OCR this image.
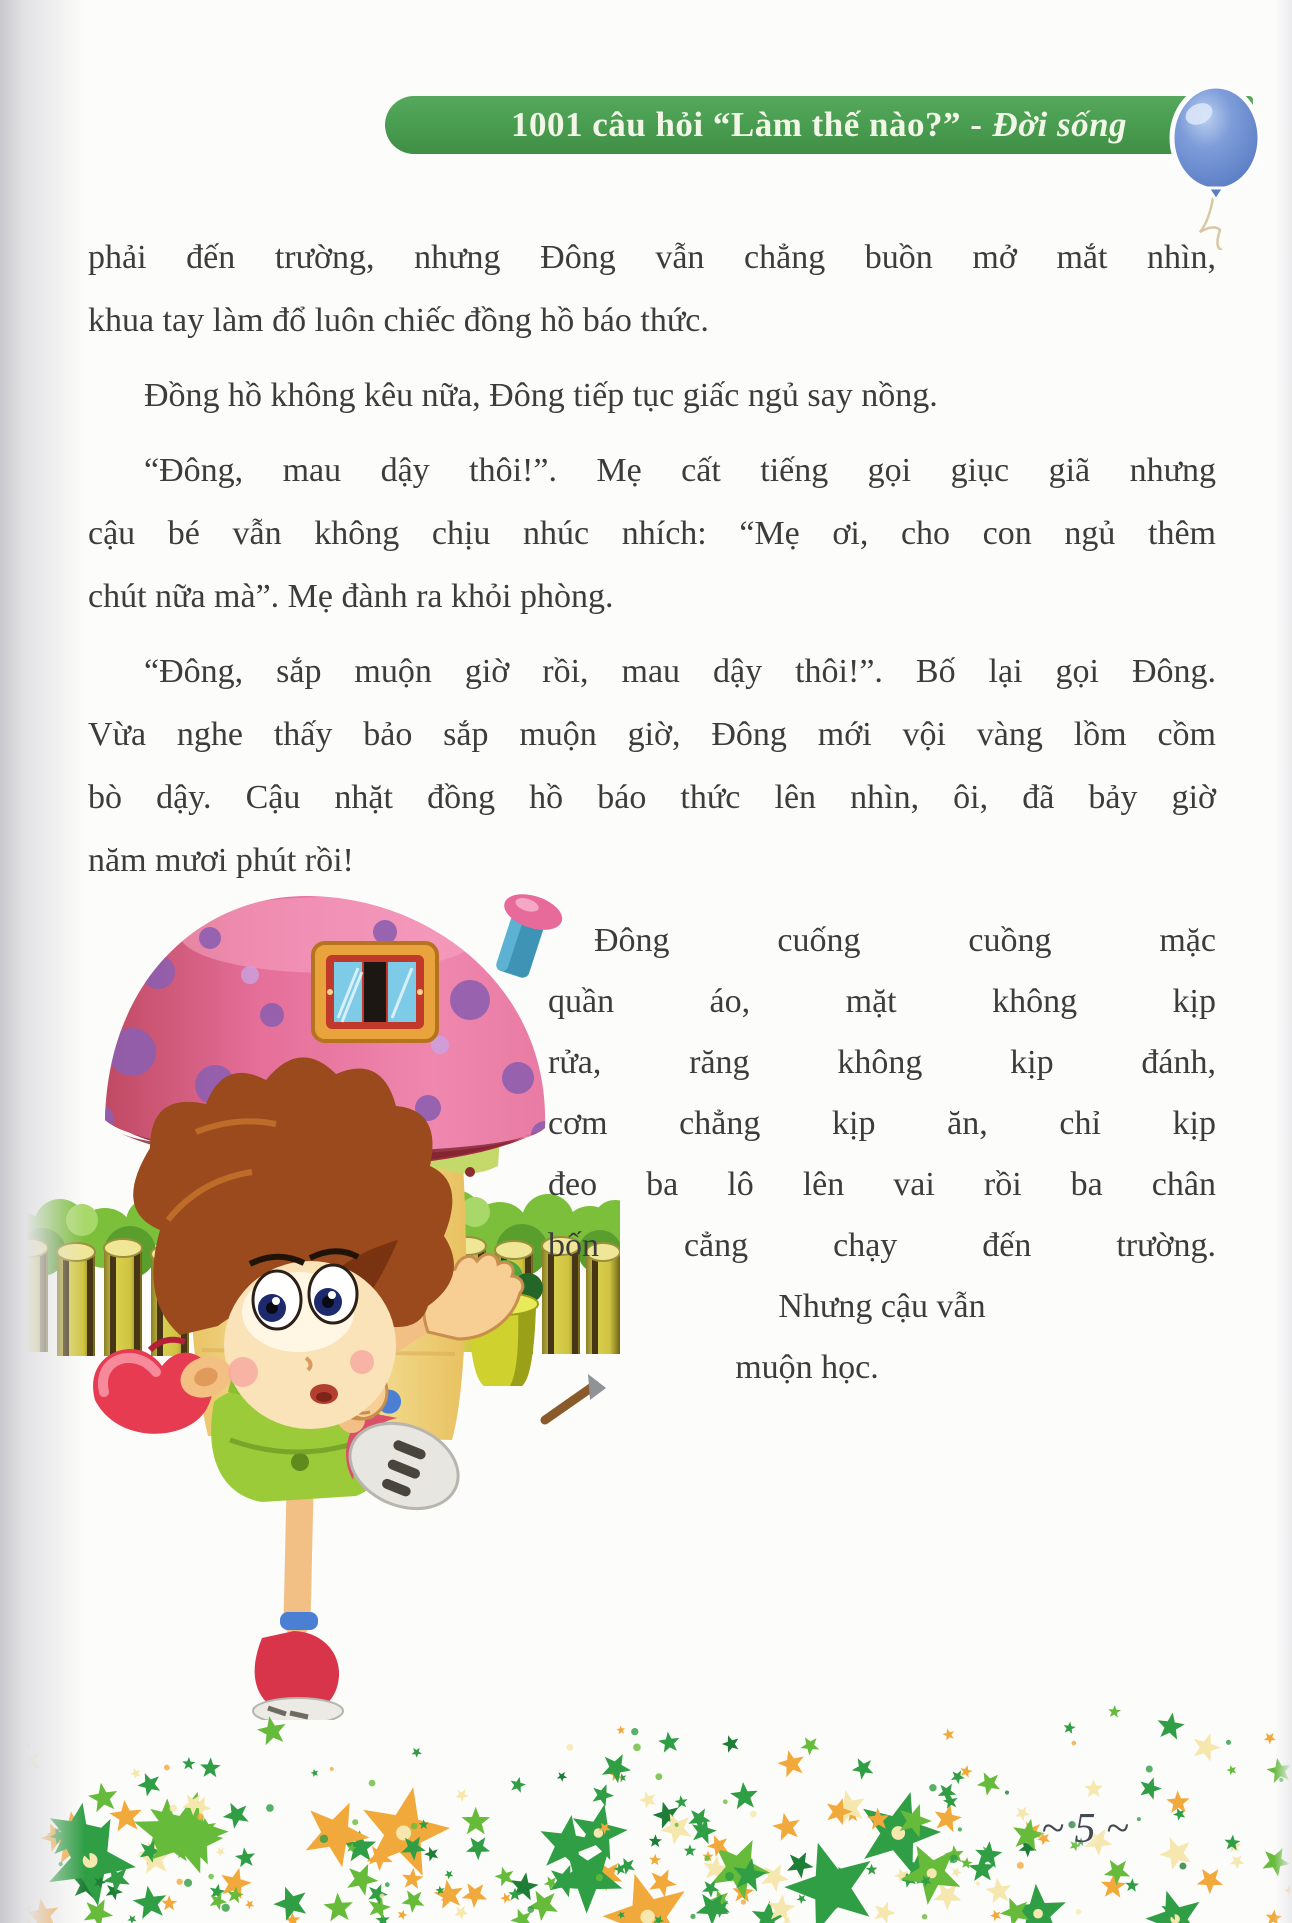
1001 câu hỏi “Làm thế nào?” - Đời sống
phải đến trường, nhưng Đông vẫn chẳng buồn mở mắt nhìn,
khua tay làm đổ luôn chiếc đồng hồ báo thức.
Đồng hồ không kêu nữa, Đông tiếp tục giấc ngủ say nồng.
“Đông, mau dậy thôi!”. Mẹ cất tiếng gọi giục giã nhưng
cậu bé vẫn không chịu nhúc nhích: “Mẹ ơi, cho con ngủ thêm
chút nữa mà”. Mẹ đành ra khỏi phòng.
“Đông, sắp muộn giờ rồi, mau dậy thôi!”. Bố lại gọi Đông.
Vừa nghe thấy bảo sắp muộn giờ, Đông mới vội vàng lồm cồm
bò dậy. Cậu nhặt đồng hồ báo thức lên nhìn, ôi, đã bảy giờ
năm mươi phút rồi!
Đông cuống cuồng mặc
quần áo, mặt không kịp
rửa, răng không kịp đánh,
cơm chẳng kịp ăn, chỉ kịp
đeo ba lô lên vai rồi ba chân
bốn cẳng chạy đến trường.
Nhưng cậu vẫn
muộn học.
~ 5 ~
